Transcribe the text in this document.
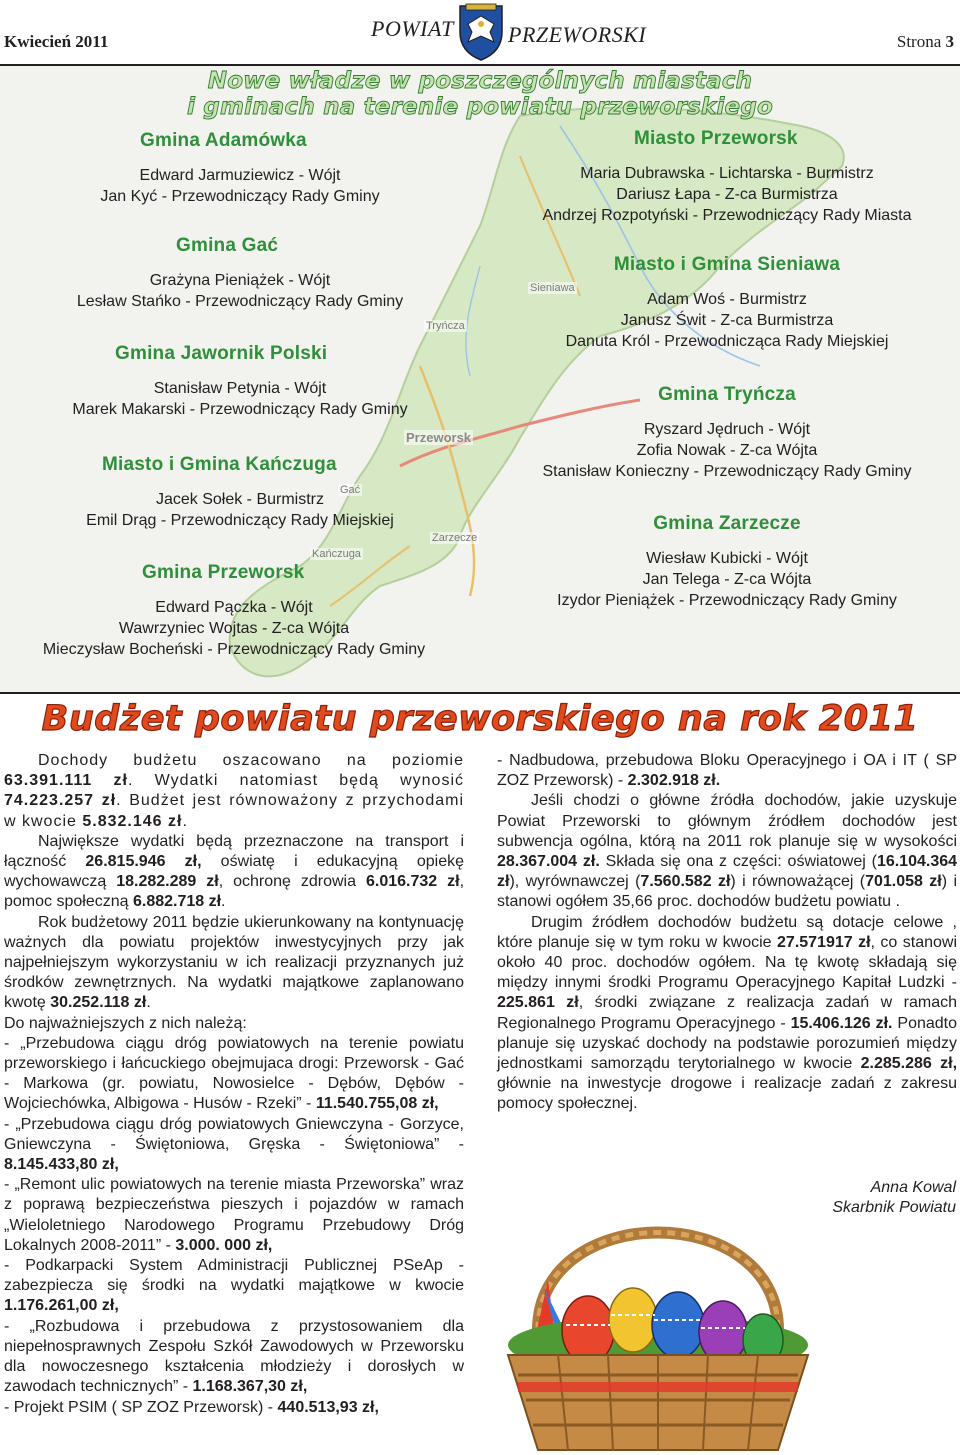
Kwiecień 2011
POWIAT PRZEWORSKI	Strona 3
Sieniawa
Tryńcza
Przeworsk
Gać
Zarzecze
Kańczuga
Nowe władze w poszczególnych miastach
i gminach na terenie powiatu przeworskiego
Gmina Adamówka
Edward Jarmuziewicz - Wójt
Jan Kyć - Przewodniczący Rady Gminy
Gmina Gać
Grażyna Pieniążek - Wójt
Lesław Stańko - Przewodniczący Rady Gminy
Gmina Jawornik Polski
Stanisław Petynia - Wójt
Marek Makarski - Przewodniczący Rady Gminy
Miasto i Gmina Kańczuga
Jacek Sołek - Burmistrz
Emil Drąg - Przewodniczący Rady Miejskiej
Gmina Przeworsk
Edward Pączka - Wójt
Wawrzyniec Wojtas - Z-ca Wójta
Mieczysław Bocheński - Przewodniczący Rady Gminy
Miasto Przeworsk
Maria Dubrawska - Lichtarska - Burmistrz
Dariusz Łapa - Z-ca Burmistrza
Andrzej Rozpotyński - Przewodniczący Rady Miasta
Miasto i Gmina Sieniawa
Adam Woś - Burmistrz
Janusz Świt - Z-ca Burmistrza
Danuta Król - Przewodnicząca Rady Miejskiej
Gmina Tryńcza
Ryszard Jędruch - Wójt
Zofia Nowak - Z-ca Wójta
Stanisław Konieczny - Przewodniczący Rady Gminy
Gmina Zarzecze
Wiesław Kubicki - Wójt
Jan Telega - Z-ca Wójta
Izydor Pieniążek - Przewodniczący Rady Gminy
Budżet powiatu przeworskiego na rok 2011

Dochody budżetu oszacowano na poziomie 63.391.111 zł. Wydatki natomiast będą wynosić 74.223.257 zł. Budżet jest równoważony z przychodami w kwocie 5.832.146 zł.

Największe wydatki będą przeznaczone na transport i łączność 26.815.946 zł, oświatę i edukacyjną opiekę wychowawczą 18.282.289 zł, ochronę zdrowia 6.016.732 zł, pomoc społeczną 6.882.718 zł.

Rok budżetowy 2011 będzie ukierunkowany na kontynuację ważnych dla powiatu projektów inwestycyjnych przy jak najpełniejszym wykorzystaniu w ich realizacji przyznanych już środków zewnętrznych. Na wydatki majątkowe zaplanowano kwotę 30.252.118 zł.

Do najważniejszych z nich należą:

- „Przebudowa ciągu dróg powiatowych na terenie powiatu przeworskiego i łańcuckiego obejmujaca drogi: Przeworsk - Gać - Markowa (gr. powiatu, Nowosielce - Dębów, Dębów - Wojciechówka, Albigowa - Husów - Rzeki” - 11.540.755,08 zł,

- „Przebudowa ciągu dróg powiatowych Gniewczyna - Gorzyce, Gniewczyna - Świętoniowa, Gręska - Świętoniowa” - 8.145.433,80 zł,

- „Remont ulic powiatowych na terenie miasta Przeworska” wraz z poprawą bezpieczeństwa pieszych i pojazdów w ramach „Wieloletniego Narodowego Programu Przebudowy Dróg Lokalnych 2008-2011” - 3.000. 000 zł,

- Podkarpacki System Administracji Publicznej PSeAp - zabezpiecza się środki na wydatki majątkowe w kwocie 1.176.261,00 zł,

- „Rozbudowa i przebudowa z przystosowaniem dla niepełnosprawnych Zespołu Szkół Zawodowych w Przeworsku dla nowoczesnego kształcenia młodzieży i dorosłych w zawodach technicznych” - 1.168.367,30 zł,

- Projekt PSIM ( SP ZOZ Przeworsk) - 440.513,93 zł,

- Nadbudowa, przebudowa Bloku Operacyjnego i OA i IT ( SP ZOZ Przeworsk) - 2.302.918 zł.

Jeśli chodzi o główne źródła dochodów, jakie uzyskuje Powiat Przeworski to głównym źródłem dochodów jest subwencja ogólna, którą na 2011 rok planuje się w wysokości 28.367.004 zł. Składa się ona z części: oświatowej (16.104.364 zł), wyrównawczej (7.560.582 zł) i równoważącej (701.058 zł) i stanowi ogółem 35,66 proc. dochodów budżetu powiatu .

Drugim źródłem dochodów budżetu są dotacje celowe , które planuje się w tym roku w kwocie 27.571917 zł, co stanowi około 40 proc. dochodów ogółem. Na tę kwotę składają się między innymi środki Programu Operacyjnego Kapitał Ludzki - 225.861 zł, środki związane z realizacja zadań w ramach Regionalnego Programu Operacyjnego - 15.406.126 zł. Ponadto planuje się uzyskać dochody na podstawie porozumień między jednostkami samorządu terytorialnego w kwocie 2.285.286 zł, głównie na inwestycje drogowe i realizacje zadań z zakresu pomocy społecznej.

Anna Kowal
Skarbnik Powiatu
